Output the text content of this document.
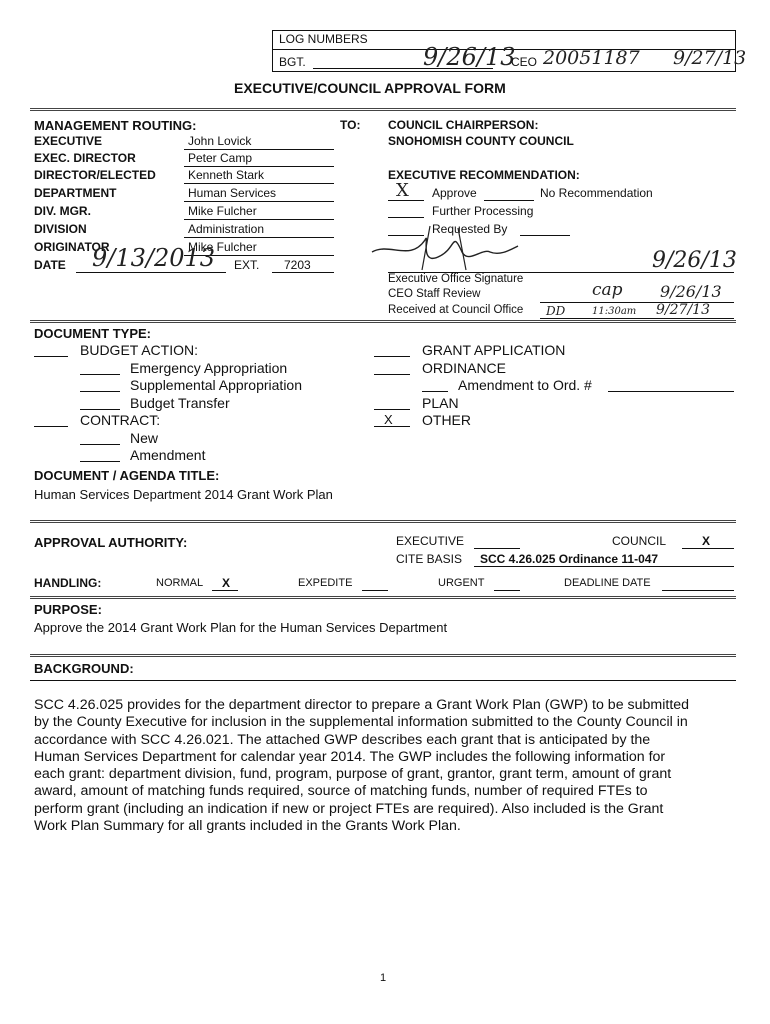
LOG NUMBERS
BGT.	9/26/13
CEO 20051187 9/27/13
EXECUTIVE/COUNCIL APPROVAL FORM
MANAGEMENT ROUTING:	TO:
EXECUTIVE	John Lovick
EXEC. DIRECTOR	Peter Camp
DIRECTOR/ELECTED	Kenneth Stark
DEPARTMENT	Human Services
DIV. MGR.	Mike Fulcher
DIVISION	Administration
ORIGINATOR	Mike Fulcher
DATE 9/13/2013 EXT. 7203
COUNCIL CHAIRPERSON:
SNOHOMISH COUNTY COUNCIL
EXECUTIVE RECOMMENDATION:
X Approve	No Recommendation
Further Processing
Requested By
9/26/13
Executive Office Signature
CEO Staff Review	cap 9/26/13
Received at Council Office DD	11:30am 9/27/13
DOCUMENT TYPE:
BUDGET ACTION:
Emergency Appropriation
Supplemental Appropriation
Budget Transfer
CONTRACT:
New
Amendment
GRANT APPLICATION
ORDINANCE
Amendment to Ord. #
PLAN
X OTHER
DOCUMENT / AGENDA TITLE:
Human Services Department 2014 Grant Work Plan
APPROVAL AUTHORITY:	EXECUTIVE	COUNCIL	X
CITE BASIS SCC 4.26.025 Ordinance 11-047
HANDLING:	NORMAL X	EXPEDITE	URGENT	DEADLINE DATE
PURPOSE:
Approve the 2014 Grant Work Plan for the Human Services Department
BACKGROUND:
SCC 4.26.025 provides for the department director to prepare a Grant Work Plan (GWP) to be submitted
by the County Executive for inclusion in the supplemental information submitted to the County Council in
accordance with SCC 4.26.021. The attached GWP describes each grant that is anticipated by the
Human Services Department for calendar year 2014. The GWP includes the following information for
each grant: department division, fund, program, purpose of grant, grantor, grant term, amount of grant
award, amount of matching funds required, source of matching funds, number of required FTEs to
perform grant (including an indication if new or project FTEs are required). Also included is the Grant
Work Plan Summary for all grants included in the Grants Work Plan.
1
